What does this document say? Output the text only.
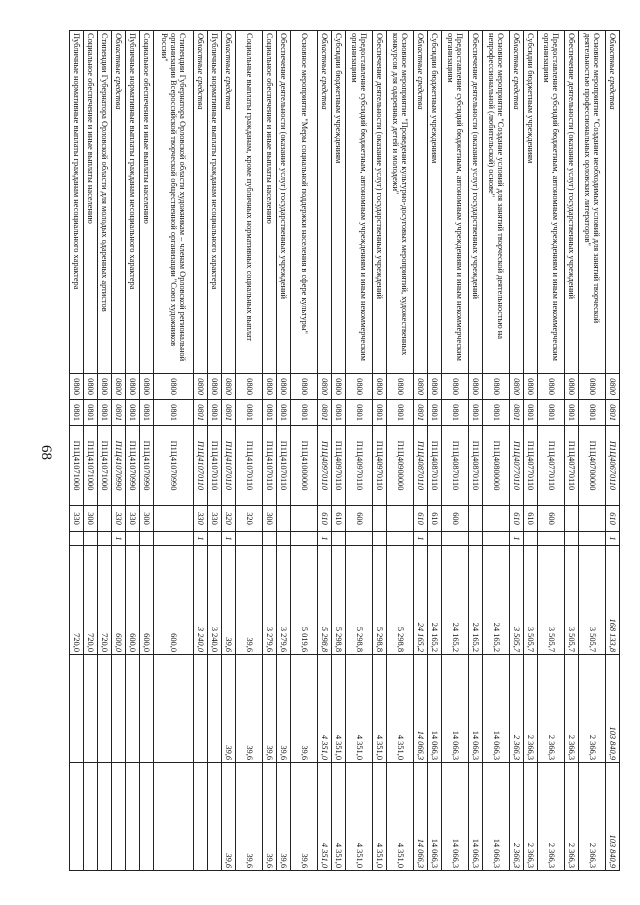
68
Областные средства	0800	0801	П1Ц40670110	610	1	168 133,8	103 840,9	103 840,9
Основное мероприятие "Создание необходимых условий для занятий творческой деятельностью профессиональных орловских литераторов"	0800	0801	П1Ц40700000			3 505,7	2 366,3	2 366,3
Обеспечение деятельности (оказание услуг) государственных учреждений	0800	0801	П1Ц40770110			3 505,7	2 366,3	2 366,3
Предоставление субсидий бюджетным, автономным учреждениям и иным некоммерческим организациям	0800	0801	П1Ц40770110	600		3 505,7	2 366,3	2 366,3
Субсидии бюджетным учреждениям	0800	0801	П1Ц40770110	610		3 505,7	2 366,3	2 366,3
Областные средства	0800	0801	П1Ц40770110	610	1	3 505,7	2 366,3	2 366,3
Основное мероприятие "Создание условий для занятий творческой деятельностью на непрофессиональной (любительской) основе"	0800	0801	П1Ц40800000			24 165,2	14 066,3	14 066,3
Обеспечение деятельности (оказание услуг) государственных учреждений	0800	0801	П1Ц40870110			24 165,2	14 066,3	14 066,3
Предоставление субсидий бюджетным, автономным учреждениям и иным некоммерческим организациям	0800	0801	П1Ц40870110	600		24 165,2	14 066,3	14 066,3
Субсидии бюджетным учреждениям	0800	0801	П1Ц40870110	610		24 165,2	14 066,3	14 066,3
Областные средства	0800	0801	П1Ц40870110	610	1	24 165,2	14 066,3	14 066,3
Основное мероприятие "Проведение культурно-досуговых мероприятий, художественных конкурсов для одаренных детей и молодежи"	0800	0801	П1Ц40900000			5 298,8	4 351,0	4 351,0
Обеспечение деятельности (оказание услуг) государственных учреждений	0800	0801	П1Ц40970110			5 298,8	4 351,0	4 351,0
Предоставление субсидий бюджетным, автономным учреждениям и иным некоммерческим организациям	0800	0801	П1Ц40970110	600		5 298,8	4 351,0	4 351,0
Субсидии бюджетным учреждениям	0800	0801	П1Ц40970110	610		5 298,8	4 351,0	4 351,0
Областные средства	0800	0801	П1Ц40970110	610	1	5 298,8	4 351,0	4 351,0
Основное мероприятие "Меры социальной поддержки населения в сфере культуры"	0800	0801	П1Ц41000000			5 019,6	39,6	39,6
Обеспечение деятельности (оказание услуг) государственных учреждений	0800	0801	П1Ц41070110			3 279,6	39,6	39,6
Социальное обеспечение и иные выплаты населению	0800	0801	П1Ц41070110	300		3 279,6	39,6	39,6
Социальные выплаты гражданам, кроме публичных нормативных социальных выплат	0800	0801	П1Ц41070110	320		39,6	39,6	39,6
Областные средства	0800	0801	П1Ц41070110	320	1	39,6	39,6	39,6
Публичные нормативные выплаты гражданам несоциального характера	0800	0801	П1Ц41070110	330		3 240,0		
Областные средства	0800	0801	П1Ц41070110	330	1	3 240,0		
Стипендии Губернатора Орловской области художникам – членам Орловской региональной организации Всероссийской творческой общественной организации "Союз художников России"	0800	0801	П1Ц41070990			600,0		
Социальное обеспечение и иные выплаты населению	0800	0801	П1Ц41070990	300		600,0		
Публичные нормативные выплаты гражданам несоциального характера	0800	0801	П1Ц41070990	330		600,0		
Областные средства	0800	0801	П1Ц41070990	330	1	600,0		
Стипендии Губернатора Орловской области для молодых одаренных артистов	0800	0801	П1Ц41071000			720,0		
Социальное обеспечение и иные выплаты населению	0800	0801	П1Ц41071000	300		720,0		
Публичные нормативные выплаты гражданам несоциального характера	0800	0801	П1Ц41071000	330		720,0		
